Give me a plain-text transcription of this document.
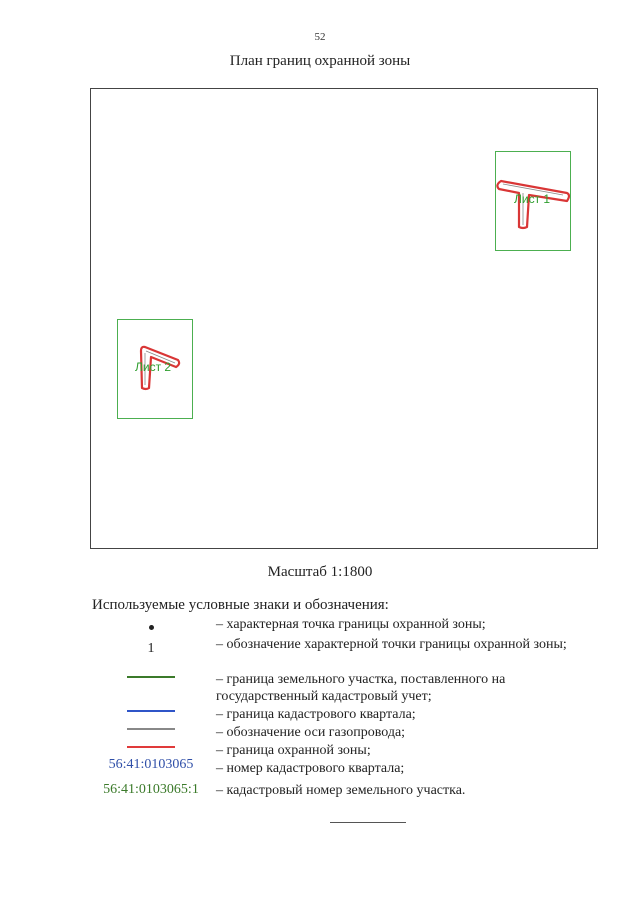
52
План границ охранной зоны
Лист 1
Лист 2
Масштаб 1:1800
Используемые условные знаки и обозначения:
– характерная точка границы охранной зоны;
1	– обозначение характерной точки границы охранной зоны;
– граница земельного участка, поставленного на государственный кадастровый учет;
– граница кадастрового квартала;
– обозначение оси газопровода;
– граница охранной зоны;
56:41:0103065 – номер кадастрового квартала;
56:41:0103065:1 – кадастровый номер земельного участка.
